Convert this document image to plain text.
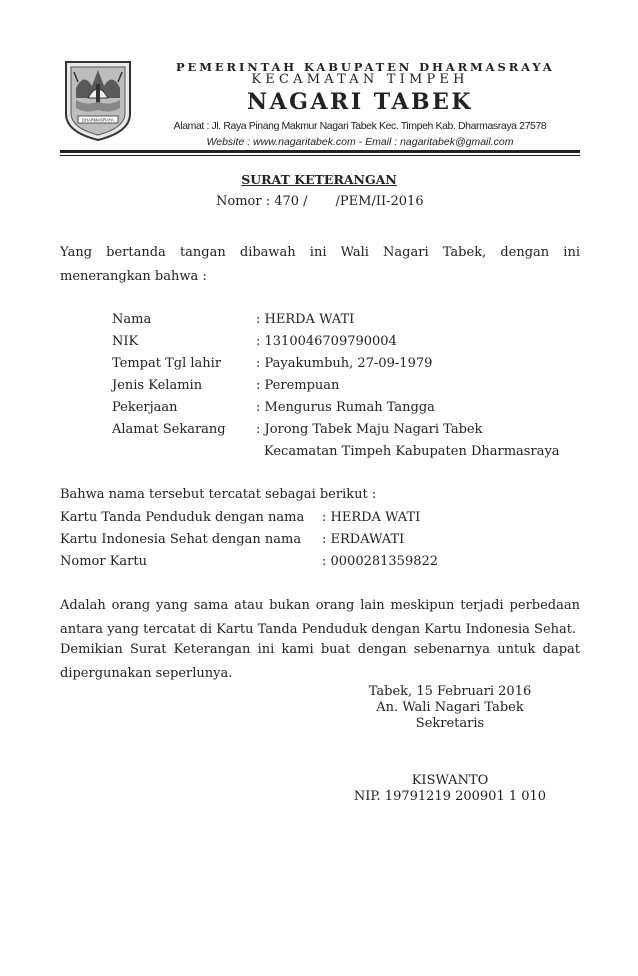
DHARMASRAYA
PEMERINTAH KABUPATEN DHARMASRAYA
KECAMATAN TIMPEH
NAGARI TABEK
Alamat : Jl. Raya Pinang Makmur Nagari Tabek Kec. Timpeh Kab. Dharmasraya 27578
Website : www.nagaritabek.com - Email : nagaritabek@gmail.com
SURAT KETERANGAN
Nomor : 470 / /PEM/II-2016
Yang bertanda tangan dibawah ini Wali Nagari Tabek, dengan ini menerangkan bahwa :
Nama	: HERDA WATI
NIK	: 1310046709790004
Tempat Tgl lahir	: Payakumbuh, 27-09-1979
Jenis Kelamin	: Perempuan
Pekerjaan	: Mengurus Rumah Tangga
Alamat Sekarang : Jorong Tabek Maju Nagari Tabek
Kecamatan Timpeh Kabupaten Dharmasraya
Bahwa nama tersebut tercatat sebagai berikut :
Kartu Tanda Penduduk dengan nama : HERDA WATI
Kartu Indonesia Sehat dengan nama : ERDAWATI
Nomor Kartu	: 0000281359822
Adalah orang yang sama atau bukan orang lain meskipun terjadi perbedaan antara yang tercatat di Kartu Tanda Penduduk dengan Kartu Indonesia Sehat.
Demikian Surat Keterangan ini kami buat dengan sebenarnya untuk dapat dipergunakan seperlunya.
Tabek, 15 Februari 2016
An. Wali Nagari Tabek
Sekretaris
KISWANTO
NIP. 19791219 200901 1 010
